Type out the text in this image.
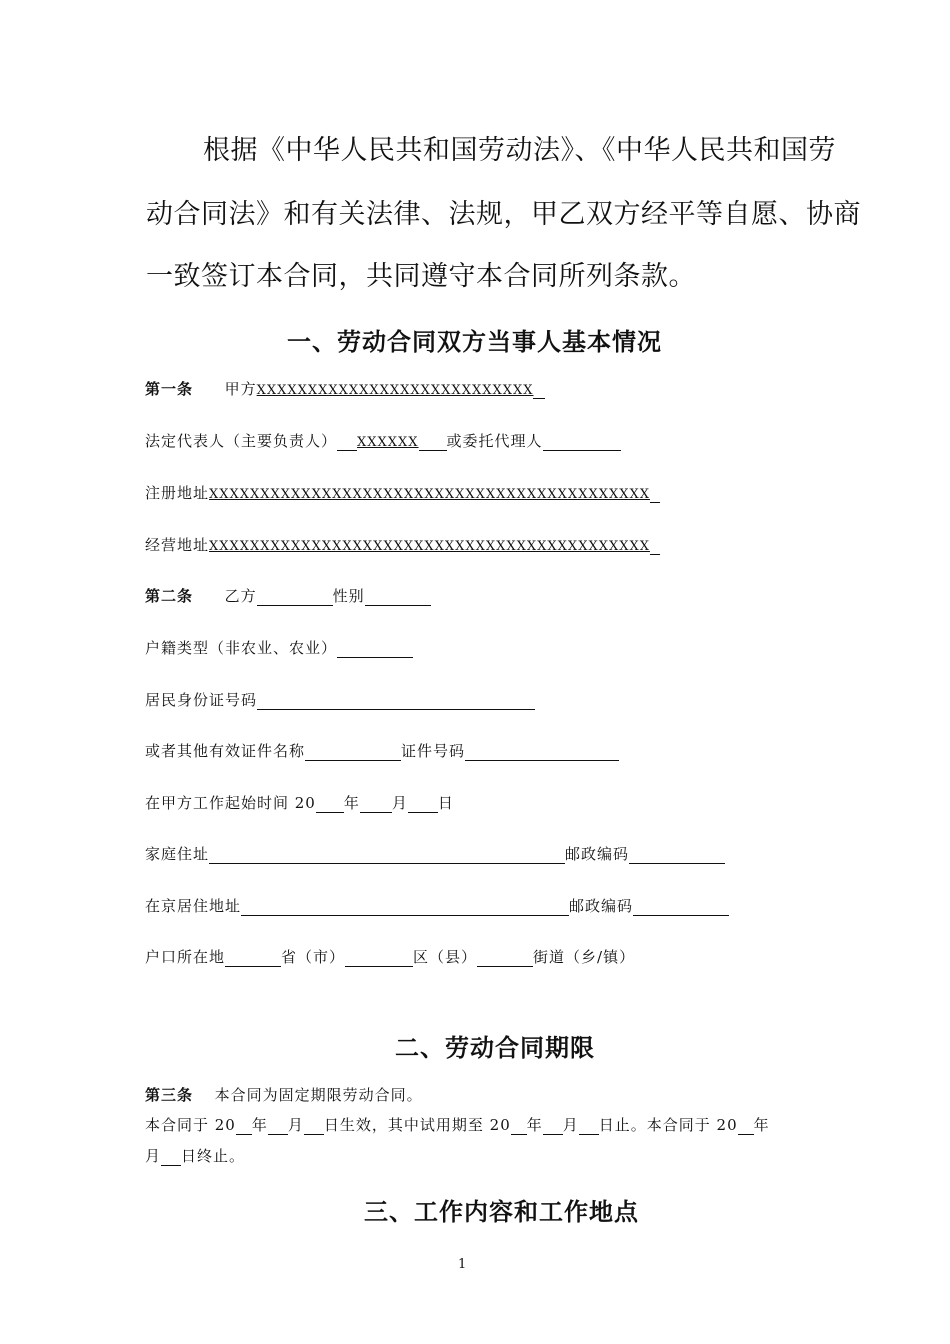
根据《中华人民共和国劳动法》、《中华人民共和国劳
动合同法》和有关法律、法规，甲乙双方经平等自愿、协商
一致签订本合同，共同遵守本合同所列条款。
一、劳动合同双方当事人基本情况
第一条 甲方XXXXXXXXXXXXXXXXXXXXXXXXXXX
法定代表人（主要负责人） XXXXXX 或委托代理人
注册地址XXXXXXXXXXXXXXXXXXXXXXXXXXXXXXXXXXXXXXXXXXX
经营地址XXXXXXXXXXXXXXXXXXXXXXXXXXXXXXXXXXXXXXXXXXX
第二条 乙方	性别
户籍类型（非农业、农业）
居民身份证号码
或者其他有效证件名称	证件号码
在甲方工作起始时间 20 年 月 日
家庭住址	邮政编码
在京居住地址	邮政编码
户口所在地	省（市）	区（县）	街道（乡/镇）
二、劳动合同期限
第三条 本合同为固定期限劳动合同。
本合同于 20 年 月 日生效，其中试用期至 20 年 月 日止。本合同于 20 年
月 日终止。
三、工作内容和工作地点
1
